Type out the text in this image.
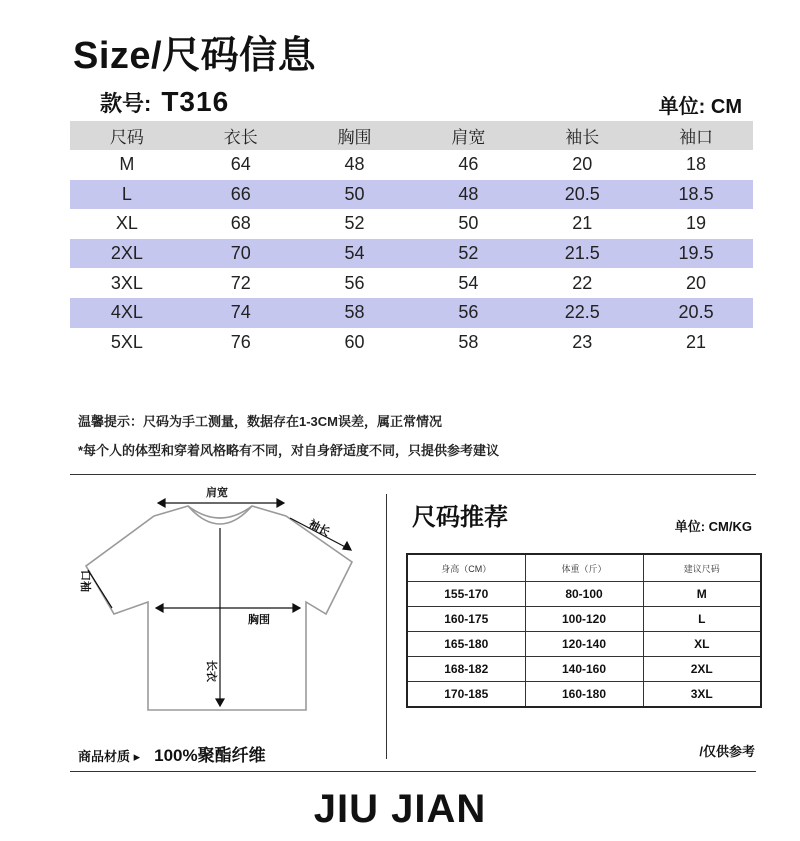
Size/尺码信息
款号: T316	单位: CM
尺码	衣长	胸围	肩宽	袖长	袖口
M	64	48	46	20	18
L	66	50	48	20.5	18.5
XL	68	52	50	21	19
2XL	70	54	52	21.5	19.5
3XL	72	56	54	22	20
4XL	74	58	56	22.5	20.5
5XL	76	60	58	23	21
温馨提示：尺码为手工测量，数据存在1-3CM误差，属正常情况
*每个人的体型和穿着风格略有不同，对自身舒适度不同，只提供参考建议
肩宽
袖长
口袖
胸围
长衣
尺码推荐	单位: CM/KG
身高（CM）	体重（斤）	建议尺码
155-170	80-100	M
160-175	100-120	L
165-180	120-140	XL
168-182	140-160	2XL
170-185	160-180	3XL
商品材质 ▸ 100%聚酯纤维	/仅供参考
JIU JIAN
